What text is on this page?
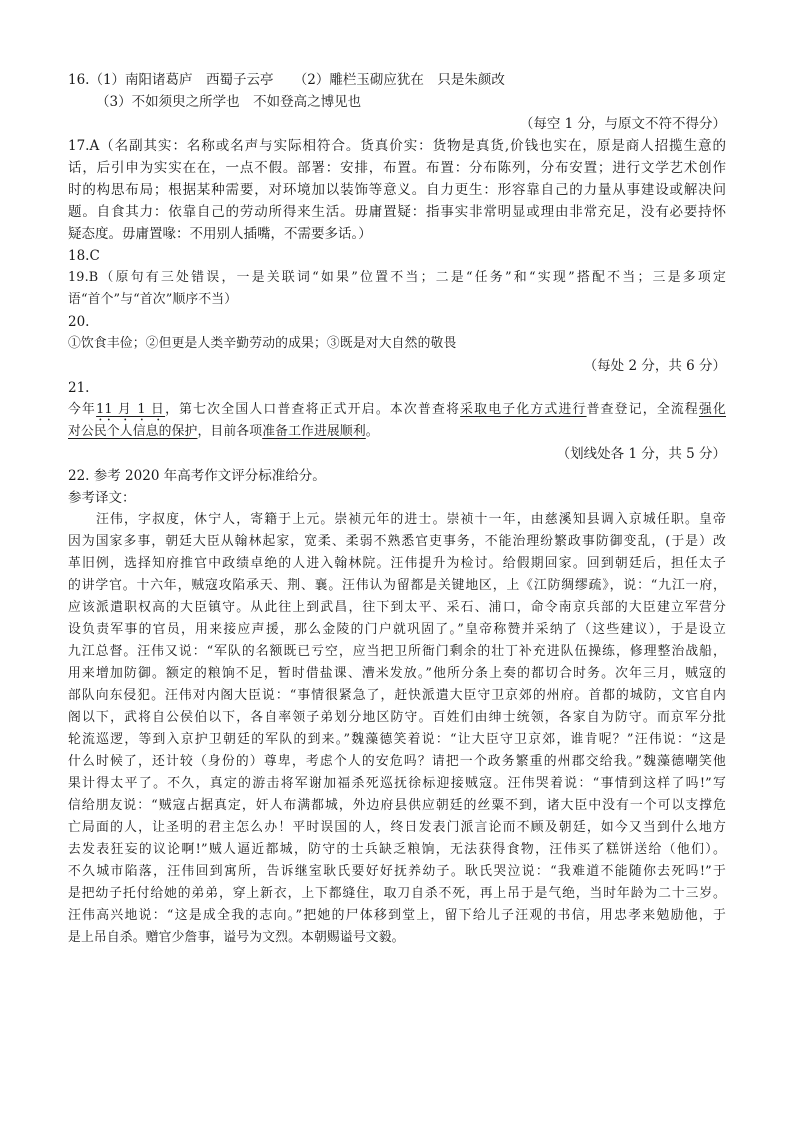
16.（1）南阳诸葛庐　西蜀子云亭　　（2）雕栏玉砌应犹在　只是朱颜改
（3）不如须臾之所学也　不如登高之博见也
（每空 1 分，与原文不符不得分）
17.A（名副其实：名称或名声与实际相符合。货真价实：货物是真货,价钱也实在，原是商人招揽生意的
话，后引申为实实在在，一点不假。部署：安排，布置。布置：分布陈列，分布安置；进行文学艺术创作
时的构思布局；根据某种需要，对环境加以装饰等意义。自力更生：形容靠自己的力量从事建设或解决问
题。自食其力：依靠自己的劳动所得来生活。毋庸置疑：指事实非常明显或理由非常充足，没有必要持怀
疑态度。毋庸置喙：不用别人插嘴，不需要多话。）
18.C
19.B（原句有三处错误，一是关联词“如果”位置不当；二是“任务”和“实现”搭配不当；三是多项定
语“首个”与“首次”顺序不当）
20.
①饮食丰俭；②但更是人类辛勤劳动的成果；③既是对大自然的敬畏
（每处 2 分，共 6 分）
21.
今年11 月 1 日，第七次全国人口普查将正式开启。本次普查将采取电子化方式进行普查登记，全流程强化
对公民个人信息的保护，目前各项准备工作进展顺利。
（划线处各 1 分，共 5 分）
22. 参考 2020 年高考作文评分标准给分。
参考译文：
汪伟，字叔度，休宁人，寄籍于上元。崇祯元年的进士。崇祯十一年，由慈溪知县调入京城任职。皇帝
因为国家多事，朝廷大臣从翰林起家，宽柔、柔弱不熟悉官吏事务，不能治理纷繁政事防御变乱，(于是）改
革旧例，选择知府推官中政绩卓绝的人进入翰林院。汪伟提升为检讨。给假期回家。回到朝廷后，担任太子
的讲学官。十六年，贼寇攻陷承天、荆、襄。汪伟认为留都是关键地区，上《江防绸缪疏》，说：“九江一府，
应该派遣职权高的大臣镇守。从此往上到武昌，往下到太平、采石、浦口，命令南京兵部的大臣建立军营分
设负责军事的官员，用来接应声援，那么金陵的门户就巩固了。”皇帝称赞并采纳了（这些建议），于是设立
九江总督。汪伟又说：“军队的名额既已亏空，应当把卫所衙门剩余的壮丁补充进队伍操练，修理整治战船，
用来增加防御。额定的粮饷不足，暂时借盐课、漕米发放。”他所分条上奏的都切合时务。次年三月，贼寇的
部队向东侵犯。汪伟对内阁大臣说：“事情很紧急了，赶快派遣大臣守卫京郊的州府。首都的城防，文官自内
阁以下，武将自公侯伯以下，各自率领子弟划分地区防守。百姓们由绅士统领，各家自为防守。而京军分批
轮流巡逻，等到入京护卫朝廷的军队的到来。”魏藻德笑着说：“让大臣守卫京郊，谁肯呢？”汪伟说：“这是
什么时候了，还计较（身份的）尊卑，考虑个人的安危吗？请把一个政务繁重的州郡交给我。”魏藻德嘲笑他
果计得太平了。不久，真定的游击将军谢加福杀死巡抚徐标迎接贼寇。汪伟哭着说：“事情到这样了吗!”写
信给朋友说：“贼寇占据真定，奸人布满都城，外边府县供应朝廷的丝粟不到，诸大臣中没有一个可以支撑危
亡局面的人，让圣明的君主怎么办！平时误国的人，终日发表门派言论而不顾及朝廷，如今又当到什么地方
去发表狂妄的议论啊!”贼人逼近都城，防守的士兵缺乏粮饷，无法获得食物，汪伟买了糕饼送给（他们）。
不久城市陷落，汪伟回到寓所，告诉继室耿氏要好好抚养幼子。耿氏哭泣说：“我难道不能随你去死吗!”于
是把幼子托付给她的弟弟，穿上新衣，上下都缝住，取刀自杀不死，再上吊于是气绝，当时年龄为二十三岁。
汪伟高兴地说：“这是成全我的志向。”把她的尸体移到堂上，留下给儿子汪观的书信，用忠孝来勉励他，于
是上吊自杀。赠官少詹事，谥号为文烈。本朝赐谥号文毅。
